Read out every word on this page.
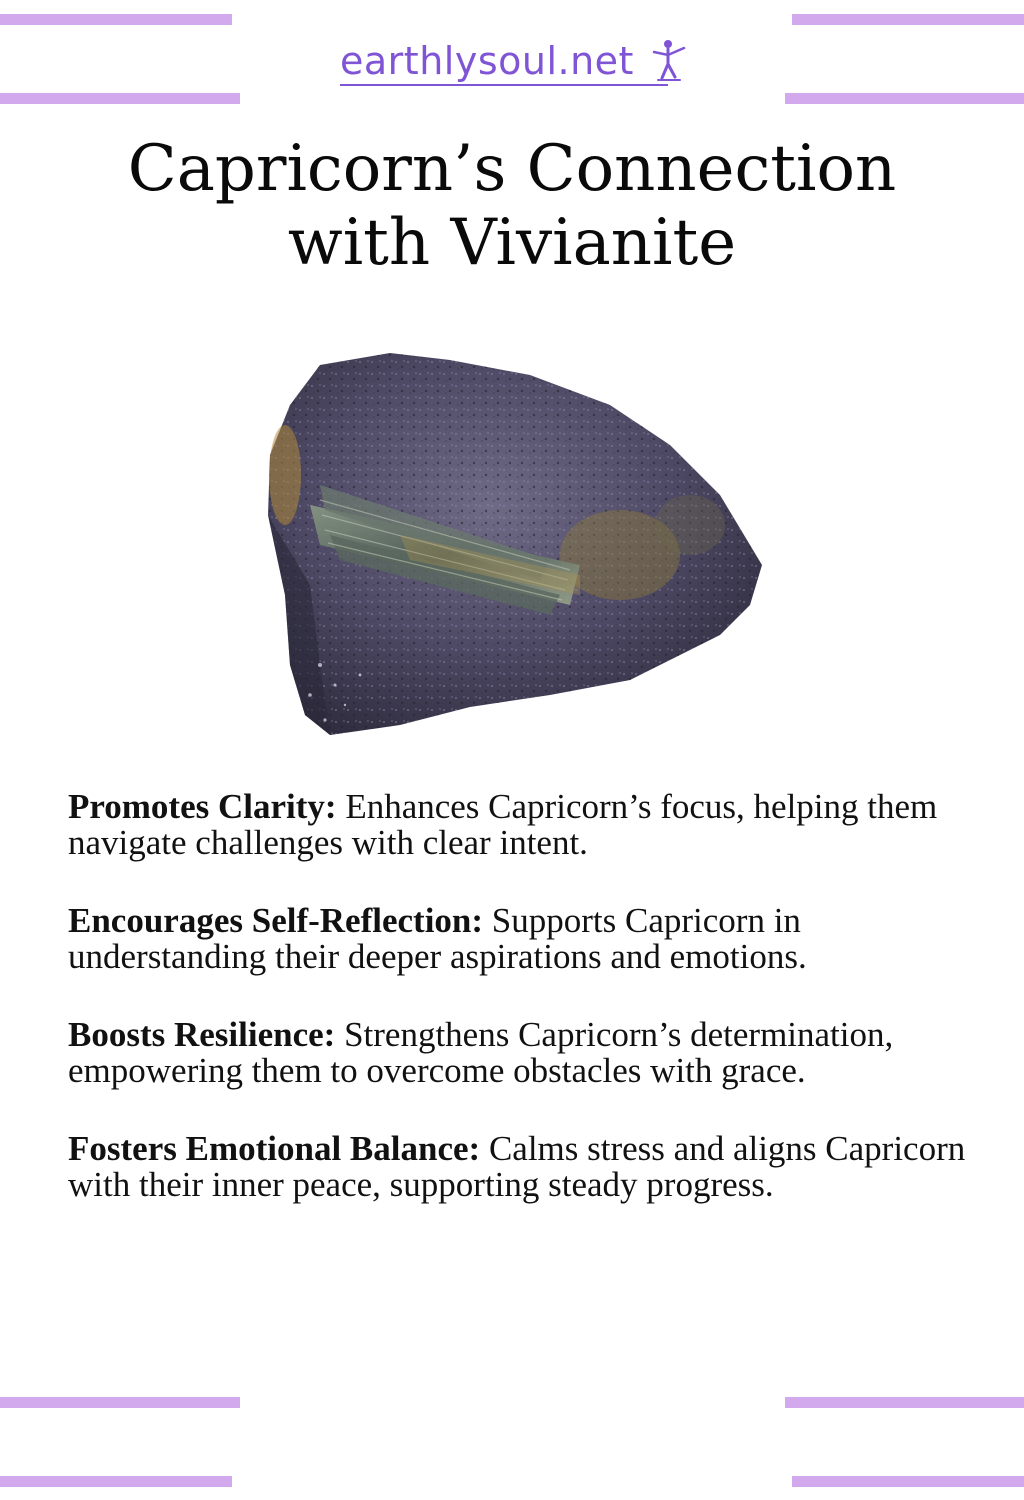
earthlysoul.net
Capricorn’s Connection
with Vivianite

Promotes Clarity: Enhances Capricorn’s focus, helping them navigate challenges with clear intent.

Encourages Self-Reflection: Supports Capricorn in understanding their deeper aspirations and emotions.

Boosts Resilience: Strengthens Capricorn’s determination, empowering them to overcome obstacles with grace.

Fosters Emotional Balance: Calms stress and aligns Capricorn with their inner peace, supporting steady progress.
